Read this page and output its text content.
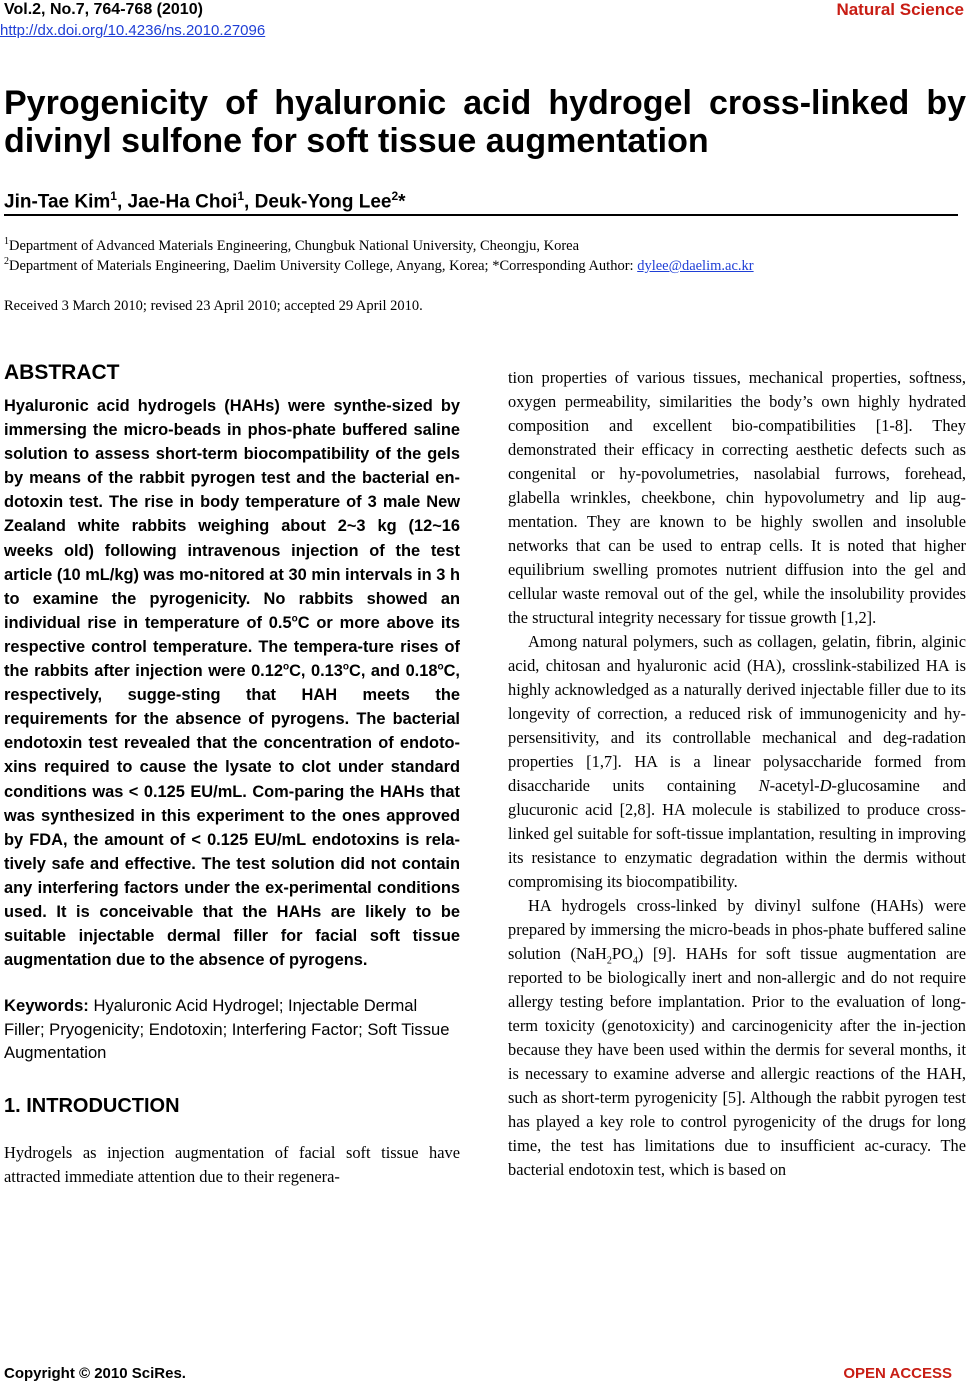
Vol.2, No.7, 764-768 (2010)
http://dx.doi.org/10.4236/ns.2010.27096
Natural Science
Pyrogenicity of hyaluronic acid hydrogel cross-linked by divinyl sulfone for soft tissue augmentation
Jin-Tae Kim$^1$, Jae-Ha Choi$^1$, Deuk-Yong Lee$^2$*
$^1$Department of Advanced Materials Engineering, Chungbuk National University, Cheongju, Korea
$^2$Department of Materials Engineering, Daelim University College, Anyang, Korea; *Corresponding Author: dylee@daelim.ac.kr
Received 3 March 2010; revised 23 April 2010; accepted 29 April 2010.
ABSTRACT

Hyaluronic acid hydrogels (HAHs) were synthe-sized by immersing the micro-beads in phos-phate buffered saline solution to assess short-term biocompatibility of the gels by means of the rabbit pyrogen test and the bacterial en-dotoxin test. The rise in body temperature of 3 male New Zealand white rabbits weighing about 2~3 kg (12~16 weeks old) following intravenous injection of the test article (10 mL/kg) was mo-nitored at 30 min intervals in 3 h to examine the pyrogenicity. No rabbits showed an individual rise in temperature of 0.5$^o$C or more above its respective control temperature. The tempera-ture rises of the rabbits after injection were 0.12$^o$C, 0.13$^o$C, and 0.18$^o$C, respectively, sugge-sting that HAH meets the requirements for the absence of pyrogens. The bacterial endotoxin test revealed that the concentration of endoto-xins required to cause the lysate to clot under standard conditions was < 0.125 EU/mL. Com-paring the HAHs that was synthesized in this experiment to the ones approved by FDA, the amount of < 0.125 EU/mL endotoxins is rela-tively safe and effective. The test solution did not contain any interfering factors under the ex-perimental conditions used. It is conceivable that the HAHs are likely to be suitable injectable dermal filler for facial soft tissue augmentation due to the absence of pyrogens.

Keywords: Hyaluronic Acid Hydrogel; Injectable Dermal Filler; Pryogenicity; Endotoxin; Interfering Factor; Soft Tissue Augmentation

1. INTRODUCTION

Hydrogels as injection augmentation of facial soft tissue have attracted immediate attention due to their regenera-

tion properties of various tissues, mechanical properties, softness, oxygen permeability, similarities the body’s own highly hydrated composition and excellent bio-compatibilities [1-8]. They demonstrated their efficacy in correcting aesthetic defects such as congenital or hy-povolumetries, nasolabial furrows, forehead, glabella wrinkles, cheekbone, chin hypovolumetry and lip aug-mentation. They are known to be highly swollen and insoluble networks that can be used to entrap cells. It is noted that higher equilibrium swelling promotes nutrient diffusion into the gel and cellular waste removal out of the gel, while the insolubility provides the structural integrity necessary for tissue growth [1,2].

Among natural polymers, such as collagen, gelatin, fibrin, alginic acid, chitosan and hyaluronic acid (HA), crosslink-stabilized HA is highly acknowledged as a naturally derived injectable filler due to its longevity of correction, a reduced risk of immunogenicity and hy-persensitivity, and its controllable mechanical and deg-radation properties [1,7]. HA is a linear polysaccharide formed from disaccharide units containing N-acetyl-D-glucosamine and glucuronic acid [2,8]. HA molecule is stabilized to produce cross-linked gel suitable for soft-tissue implantation, resulting in improving its resistance to enzymatic degradation within the dermis without compromising its biocompatibility.

HA hydrogels cross-linked by divinyl sulfone (HAHs) were prepared by immersing the micro-beads in phos-phate buffered saline solution $(NaH_2PO_4)$ [9]. HAHs for soft tissue augmentation are reported to be biologically inert and non-allergic and do not require allergy testing before implantation. Prior to the evaluation of long-term toxicity (genotoxicity) and carcinogenicity after the in-jection because they have been used within the dermis for several months, it is necessary to examine adverse and allergic reactions of the HAH, such as short-term pyrogenicity [5]. Although the rabbit pyrogen test has played a key role to control pyrogenicity of the drugs for long time, the test has limitations due to insufficient ac-curacy. The bacterial endotoxin test, which is based on

Copyright © 2010 SciRes.	OPEN ACCESS
